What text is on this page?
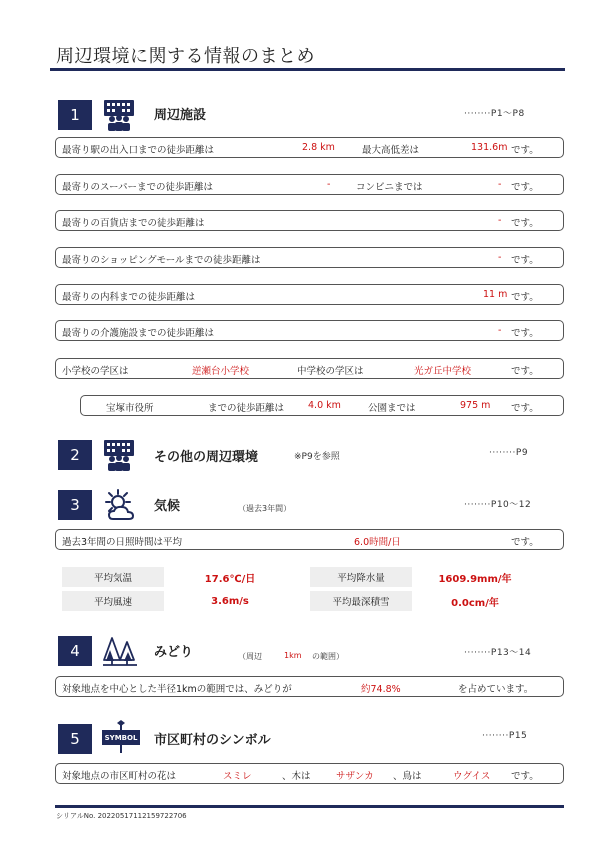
周辺環境に関する情報のまとめ
1	周辺施設	········P1～P8
最寄り駅の出入口までの徒歩距離は	2.8 km	最大高低差は	131.6m です。
最寄りのスーパーまでの徒歩距離は	-	コンビニまでは	- です。
最寄りの百貨店までの徒歩距離は	- です。
最寄りのショッピングモールまでの徒歩距離は	- です。
最寄りの内科までの徒歩距離は	11 m です。
最寄りの介護施設までの徒歩距離は	- です。
小学校の学区は	逆瀬台小学校	中学校の学区は	光ガ丘中学校	です。
宝塚市役所	までの徒歩距離は	4.0 km	公園までは	975 m です。
2	その他の周辺環境	※P9を参照	········P9
3	気候	（過去3年間）	········P10～12
過去3年間の日照時間は平均	6.0時間/日	です。
平均気温	17.6℃/日	平均降水量	1609.9mm/年
平均風速	3.6m/s	平均最深積雪	0.0cm/年
4	みどり	（周辺	1km の範囲）	········P13～14
対象地点を中心とした半径1kmの範囲では、みどりが	約74.8%	を占めています。
5	SYMBOL 市区町村のシンボル	········P15
対象地点の市区町村の花は	スミレ	、木は	サザンカ 、鳥は	ウグイス です。
シリアルNo. 20220517112159722706
